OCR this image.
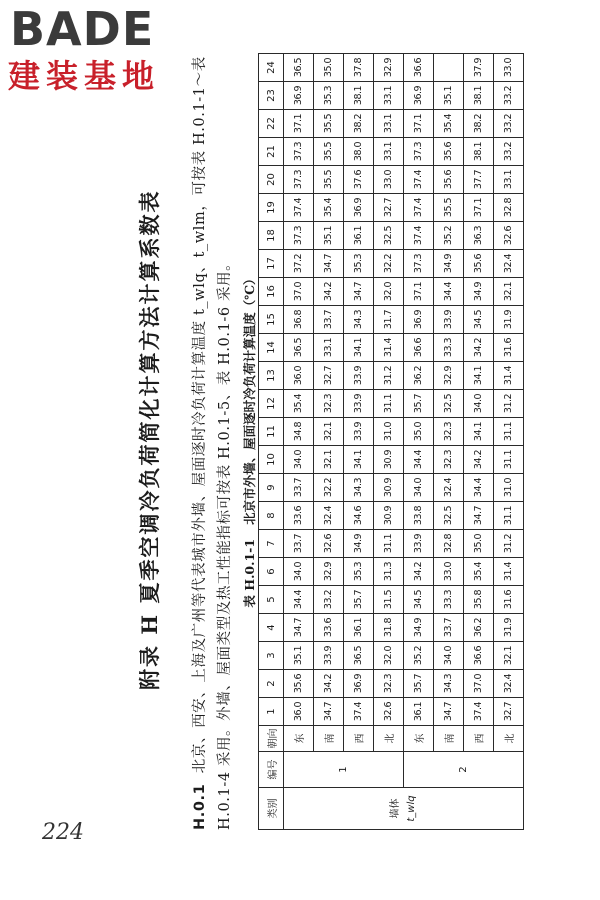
BADE
建装基地
附录 H 夏季空调冷负荷简化计算方法计算系数表
H.0.1  北京、西安、上海及广州等代表城市外墙、屋面逐时冷负荷计算温度 t_wlq、t_wlm，可按表 H.0.1-1～表 H.0.1-4 采用。外墙、屋面类型及热工性能指标可按表 H.0.1-5、表 H.0.1-6 采用。 表 H.0.1-1北京市外墙、屋面逐时冷负荷计算温度（℃）
类别	编号	朝向	1	2	3	4	5	6	7	8	9	10	11	12	13	14	15	16	17	18	19	20	21	22	23	24

墙体 t_wlq	1	东	36.0	35.6	35.1	34.7	34.4	34.0	33.7	33.6	33.7	34.0	34.8	35.4	36.0	36.5	36.8	37.0	37.2	37.3	37.4	37.3	37.3	37.1	36.9	36.5
		南	34.7	34.2	33.9	33.6	33.2	32.9	32.6	32.4	32.2	32.1	32.1	32.3	32.7	33.1	33.7	34.2	34.7	35.1	35.4	35.5	35.5	35.5	35.3	35.0
		西	37.4	36.9	36.5	36.1	35.7	35.3	34.9	34.6	34.3	34.1	33.9	33.9	33.9	34.1	34.3	34.7	35.3	36.1	36.9	37.6	38.0	38.2	38.1	37.8
		北	32.6	32.3	32.0	31.8	31.5	31.3	31.1	30.9	30.9	30.9	31.0	31.1	31.2	31.4	31.7	32.0	32.2	32.5	32.7	33.0	33.1	33.1	33.1	32.9
	2	东	36.1	35.7	35.2	34.9	34.5	34.2	33.9	33.8	34.0	34.4	35.0	35.7	36.2	36.6	36.9	37.1	37.3	37.4	37.4	37.4	37.3	37.1	36.9	36.6
		南	34.7	34.3	34.0	33.7	33.3	33.0	32.8	32.5	32.4	32.3	32.3	32.5	32.9	33.3	33.9	34.4	34.9	35.2	35.5	35.6	35.6	35.4	35.1	
		西	37.4	37.0	36.6	36.2	35.8	35.4	35.0	34.7	34.4	34.2	34.1	34.0	34.1	34.2	34.5	34.9	35.6	36.3	37.1	37.7	38.1	38.2	38.1	37.9
		北	32.7	32.4	32.1	31.9	31.6	31.4	31.2	31.1	31.0	31.1	31.1	31.2	31.4	31.6	31.9	32.1	32.4	32.6	32.8	33.1	33.2	33.2	33.2	33.0
224
